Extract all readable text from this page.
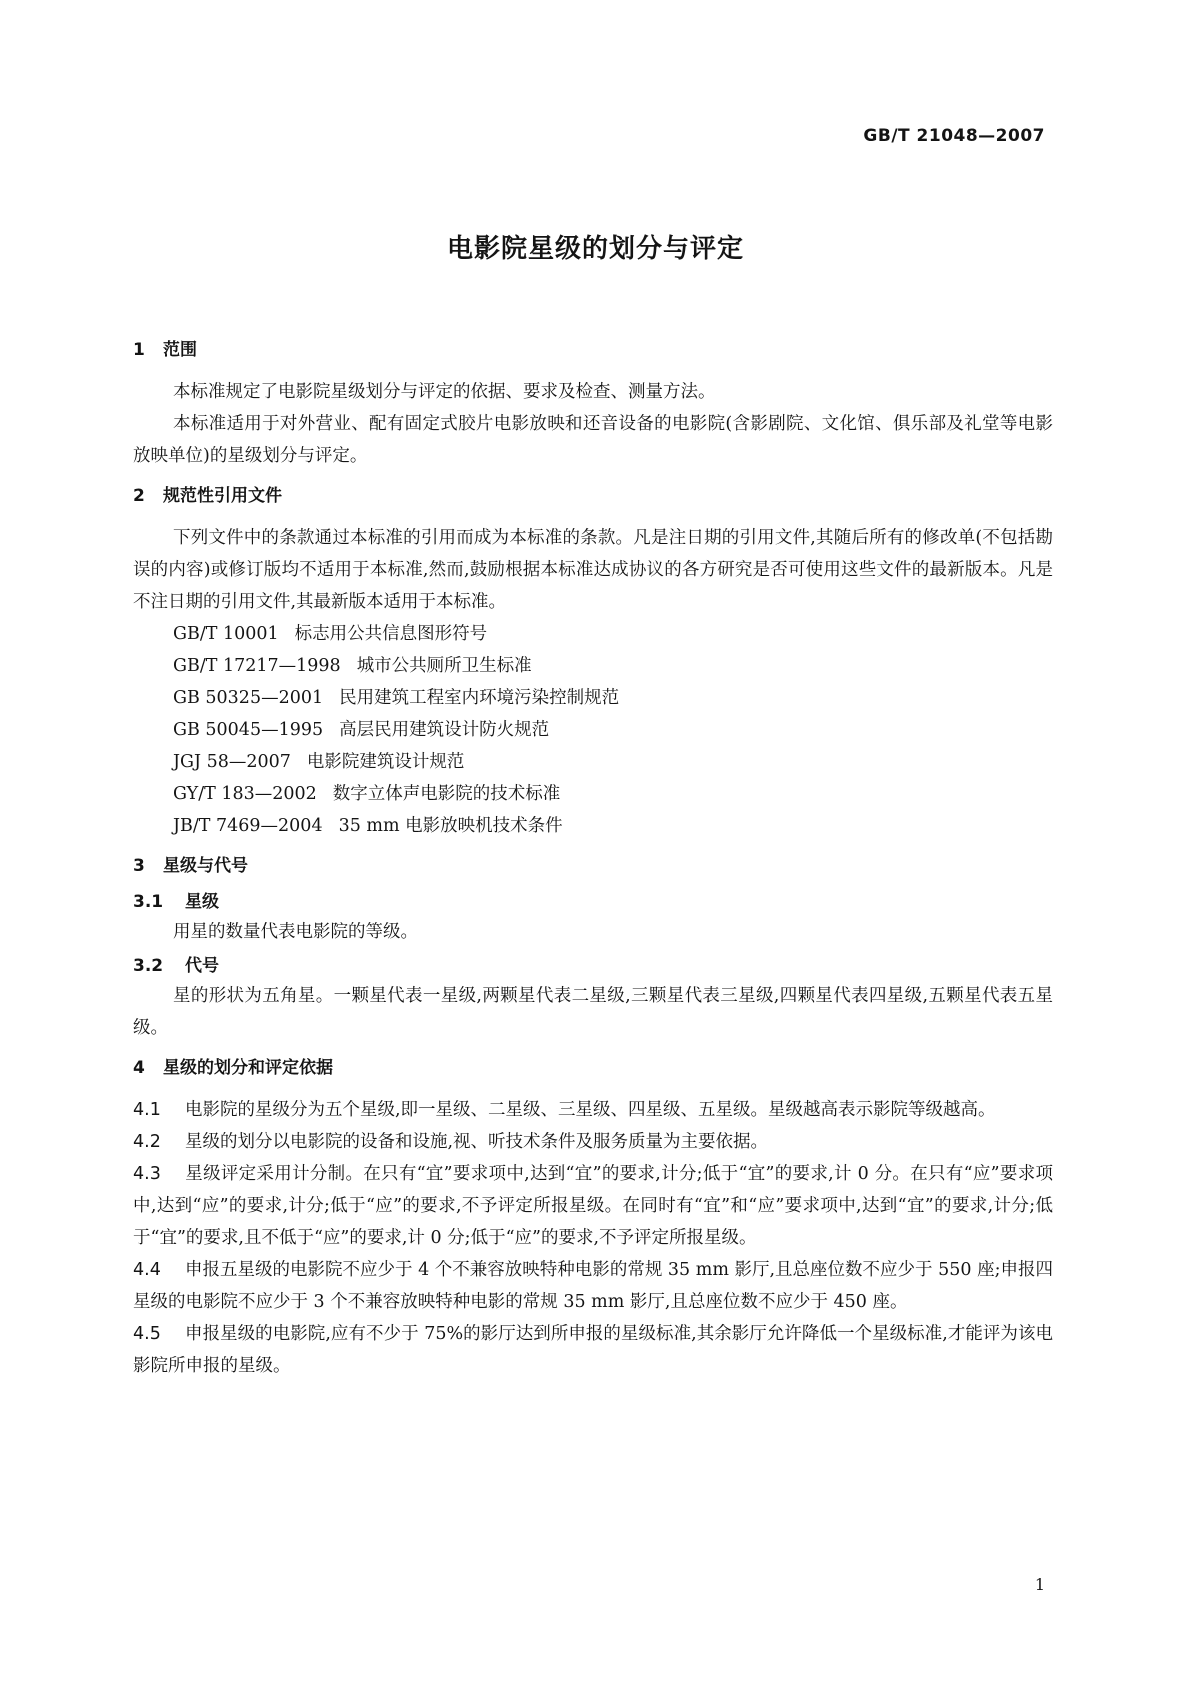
GB/T 21048—2007
电影院星级的划分与评定
1 范围

本标准规定了电影院星级划分与评定的依据、要求及检查、测量方法。

本标准适用于对外营业、配有固定式胶片电影放映和还音设备的电影院(含影剧院、文化馆、俱乐部及礼堂等电影放映单位)的星级划分与评定。

2 规范性引用文件

下列文件中的条款通过本标准的引用而成为本标准的条款。凡是注日期的引用文件,其随后所有的修改单(不包括勘误的内容)或修订版均不适用于本标准,然而,鼓励根据本标准达成协议的各方研究是否可使用这些文件的最新版本。凡是不注日期的引用文件,其最新版本适用于本标准。

GB/T 10001 标志用公共信息图形符号
GB/T 17217—1998 城市公共厕所卫生标准
GB 50325—2001 民用建筑工程室内环境污染控制规范
GB 50045—1995 高层民用建筑设计防火规范
JGJ 58—2007 电影院建筑设计规范
GY/T 183—2002 数字立体声电影院的技术标准
JB/T 7469—2004 35 mm 电影放映机技术条件
3 星级与代号
3.1 星级

用星的数量代表电影院的等级。

3.2 代号

星的形状为五角星。一颗星代表一星级,两颗星代表二星级,三颗星代表三星级,四颗星代表四星级,五颗星代表五星级。

4 星级的划分和评定依据
4.1 电影院的星级分为五个星级,即一星级、二星级、三星级、四星级、五星级。星级越高表示影院等级越高。
4.2 星级的划分以电影院的设备和设施,视、听技术条件及服务质量为主要依据。
4.3 星级评定采用计分制。在只有“宜”要求项中,达到“宜”的要求,计分;低于“宜”的要求,计 0 分。在只有“应”要求项中,达到“应”的要求,计分;低于“应”的要求,不予评定所报星级。在同时有“宜”和“应”要求项中,达到“宜”的要求,计分;低于“宜”的要求,且不低于“应”的要求,计 0 分;低于“应”的要求,不予评定所报星级。
4.4 申报五星级的电影院不应少于 4 个不兼容放映特种电影的常规 35 mm 影厅,且总座位数不应少于 550 座;申报四星级的电影院不应少于 3 个不兼容放映特种电影的常规 35 mm 影厅,且总座位数不应少于 450 座。
4.5 申报星级的电影院,应有不少于 75%的影厅达到所申报的星级标准,其余影厅允许降低一个星级标准,才能评为该电影院所申报的星级。
1
